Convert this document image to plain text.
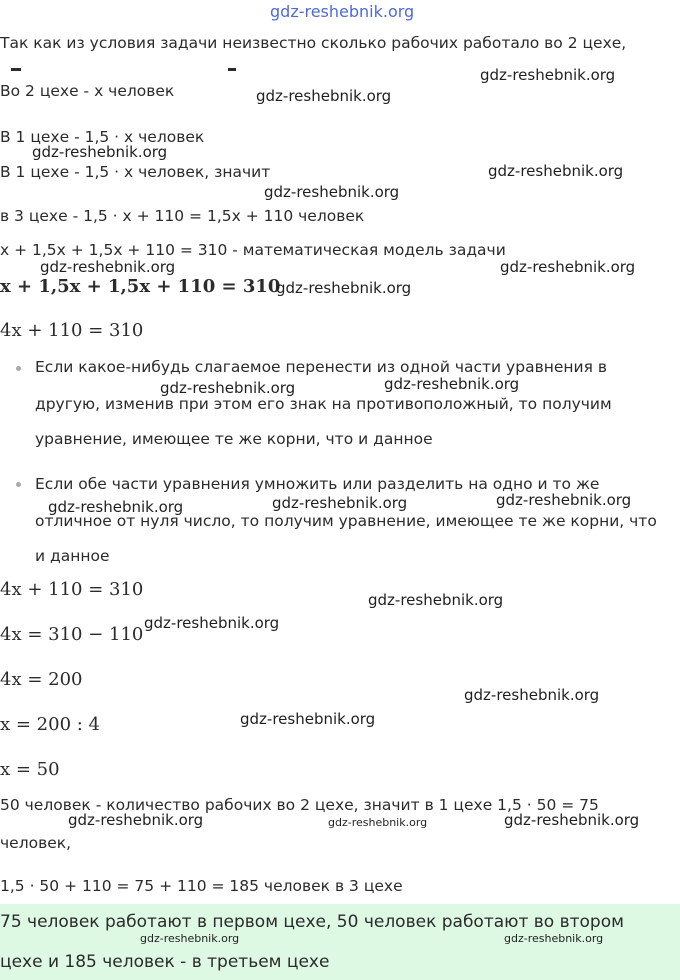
gdz-reshebnik.org
Так как из условия задачи неизвестно сколько рабочих работало во 2 цехе,
Во 2 цехе - x человек
В 1 цехе - 1,5 · x человек
В 1 цехе - 1,5 · x человек, значит
в 3 цехе - 1,5 · x + 110 = 1,5x + 110 человек
x + 1,5x + 1,5x + 110 = 310 - математическая модель задачи
x + 1,5x + 1,5x + 110 = 310
4x + 110 = 310
Если какое-нибудь слагаемое перенести из одной части уравнения в
другую, изменив при этом его знак на противоположный, то получим
уравнение, имеющее те же корни, что и данное
Если обе части уравнения умножить или разделить на одно и то же
отличное от нуля число, то получим уравнение, имеющее те же корни, что
и данное
4x + 110 = 310
4x = 310 − 110
4x = 200
x = 200 : 4
x = 50
50 человек - количество рабочих во 2 цехе, значит в 1 цехе 1,5 · 50 = 75
человек,
1,5 · 50 + 110 = 75 + 110 = 185 человек в 3 цехе
75 человек работают в первом цехе, 50 человек работают во втором
цехе и 185 человек - в третьем цехе
gdz-reshebnik.org
gdz-reshebnik.org
gdz-reshebnik.org
gdz-reshebnik.org
gdz-reshebnik.org
gdz-reshebnik.org	gdz-reshebnik.org
gdz-reshebnik.org
gdz-reshebnik.org
gdz-reshebnik.org
gdz-reshebnik.org
gdz-reshebnik.org
gdz-reshebnik.org
gdz-reshebnik.org
gdz-reshebnik.org
gdz-reshebnik.org
gdz-reshebnik.org
gdz-reshebnik.org	gdz-reshebnik.org	gdz-reshebnik.org
gdz-reshebnik.org	gdz-reshebnik.org
